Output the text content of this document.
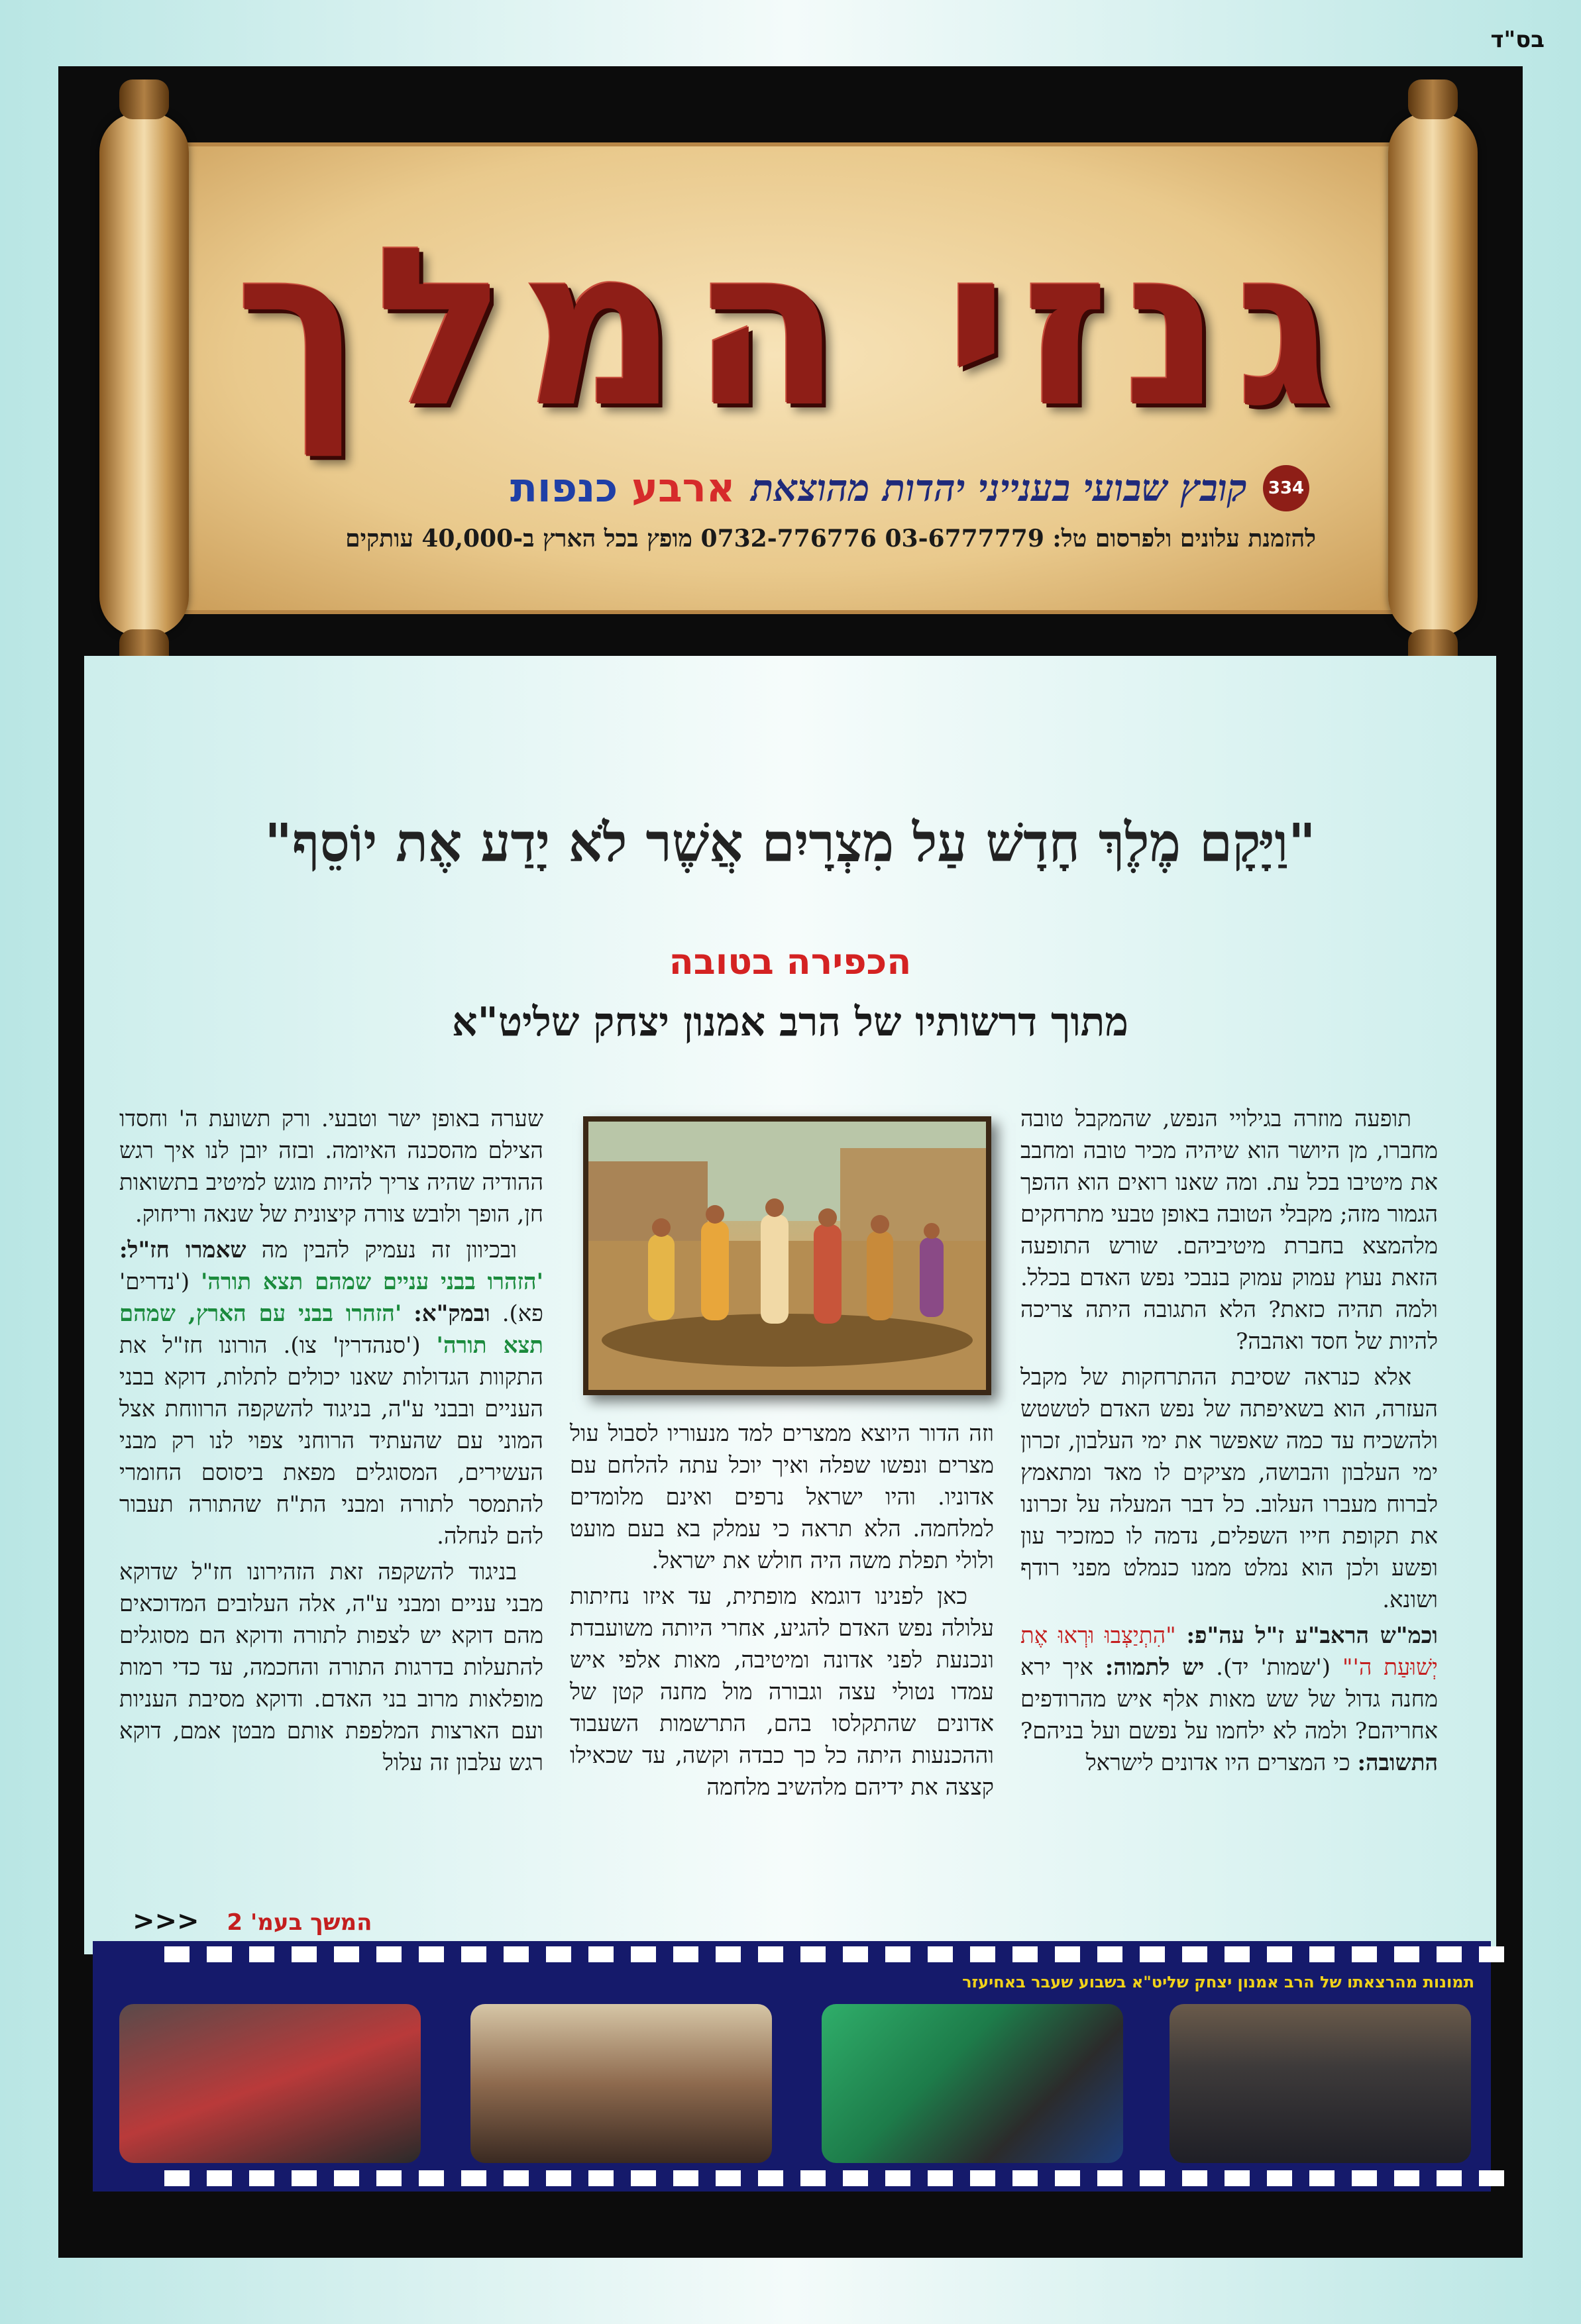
בס"ד
גנזי המלך
334
קובץ שבועי בענייני יהדות מהוצאת
ארבע כנפות
להזמנת עלונים ולפרסום טל: 03-6777779 0732-776776 מופץ בכל הארץ ב-40,000 עותקים
"וַיָּקָם מֶלֶךְ חָדָשׁ עַל מִצְרָיִם אֲשֶׁר לֹא יָדַע אֶת יוֹסֵף"
הכפירה בטובה
מתוך דרשותיו של הרב אמנון יצחק שליט"א

תופעה מוזרה בגילויי הנפש, שהמקבל טובה מחברו, מן היושר הוא שיהיה מכיר טובה ומחבב את מיטיבו בכל עת. ומה שאנו רואים הוא ההפך הגמור מזה; מקבלי הטובה באופן טבעי מתרחקים מלהמצא בחברת מיטיביהם. שורש התופעה הזאת נעוץ עמוק עמוק בנבכי נפש האדם בכלל. ולמה תהיה כזאת? הלא התגובה היתה צריכה להיות של חסד ואהבה?

אלא כנראה שסיבת ההתרחקות של מקבל העזרה, הוא בשאיפתה של נפש האדם לטשטש ולהשכיח עד כמה שאפשר את ימי העלבון, זכרון ימי העלבון והבושה, מציקים לו מאד ומתאמץ לברוח מעברו העלוב. כל דבר המעלה על זכרונו את תקופת חייו השפלים, נדמה לו כמזכיר עון ופשע ולכן הוא נמלט ממנו כנמלט מפני רודף ושונא.

וכמ"ש הראב"ע ז"ל עה"פ: "הִתְיַצְּבוּ וּרְאוּ אֶת יְשׁוּעַת ה'" ('שמות' יד). יש לתמוה: איך ירא מחנה גדול של שש מאות אלף איש מהרודפים אחריהם? ולמה לא ילחמו על נפשם ועל בניהם? התשובה: כי המצרים היו אדונים לישראל

וזה הדור היוצא ממצרים למד מנעוריו לסבול עול מצרים ונפשו שפלה ואיך יוכל עתה להלחם עם אדוניו. והיו ישראל נרפים ואינם מלומדים למלחמה. הלא תראה כי עמלק בא בעם מועט ולולי תפלת משה היה חולש את ישראל.

כאן לפנינו דוגמא מופתית, עד איזו נחיתות עלולה נפש האדם להגיע, אחרי היותה משועבדת ונכנעת לפני אדונה ומיטיבה, מאות אלפי איש עמדו נטולי עצה וגבורה מול מחנה קטן של אדונים שהתקלסו בהם, התרשמות השעבוד וההכנעות היתה כל כך כבדה וקשה, עד שכאילו קצצה את ידיהם מלהשיב מלחמה

שערה באופן ישר וטבעי. ורק תשועת ה' וחסדו הצילם מהסכנה האיומה. ובזה יובן לנו איך רגש ההודיה שהיה צריך להיות מוגש למיטיב בתשואות חן, הופך ולובש צורה קיצונית של שנאה וריחוק.

ובכיוון זה נעמיק להבין מה שאמרו חז"ל: 'הזהרו בבני עניים שמהם תצא תורה' ('נדרים' פא). ובמק"א: 'הזהרו בבני עם הארץ, שמהם תצא תורה' ('סנהדרין' צו). הורונו חז"ל את התקוות הגדולות שאנו יכולים לתלות, דוקא בבני העניים ובבני ע"ה, בניגוד להשקפה הרווחת אצל המוני עם שהעתיד הרוחני צפוי לנו רק מבני העשירים, המסוגלים מפאת ביסוסם החומרי להתמסר לתורה ומבני הת"ח שהתורה תעבור להם לנחלה.

בניגוד להשקפה זאת הזהירונו חז"ל שדוקא מבני עניים ומבני ע"ה, אלה העלובים המדוכאים מהם דוקא יש לצפות לתורה ודוקא הם מסוגלים להתעלות בדרגות התורה והחכמה, עד כדי רמות מופלאות מרוב בני האדם. ודוקא מסיבת העניות ועם הארצות המלפפת אותם מבטן אמם, דוקא רגש עלבון זה עלול

המשך בעמ' 2 <<<
תמונות מהרצאתו של הרב אמנון יצחק שליט"א בשבוע שעבר באחיעזר
